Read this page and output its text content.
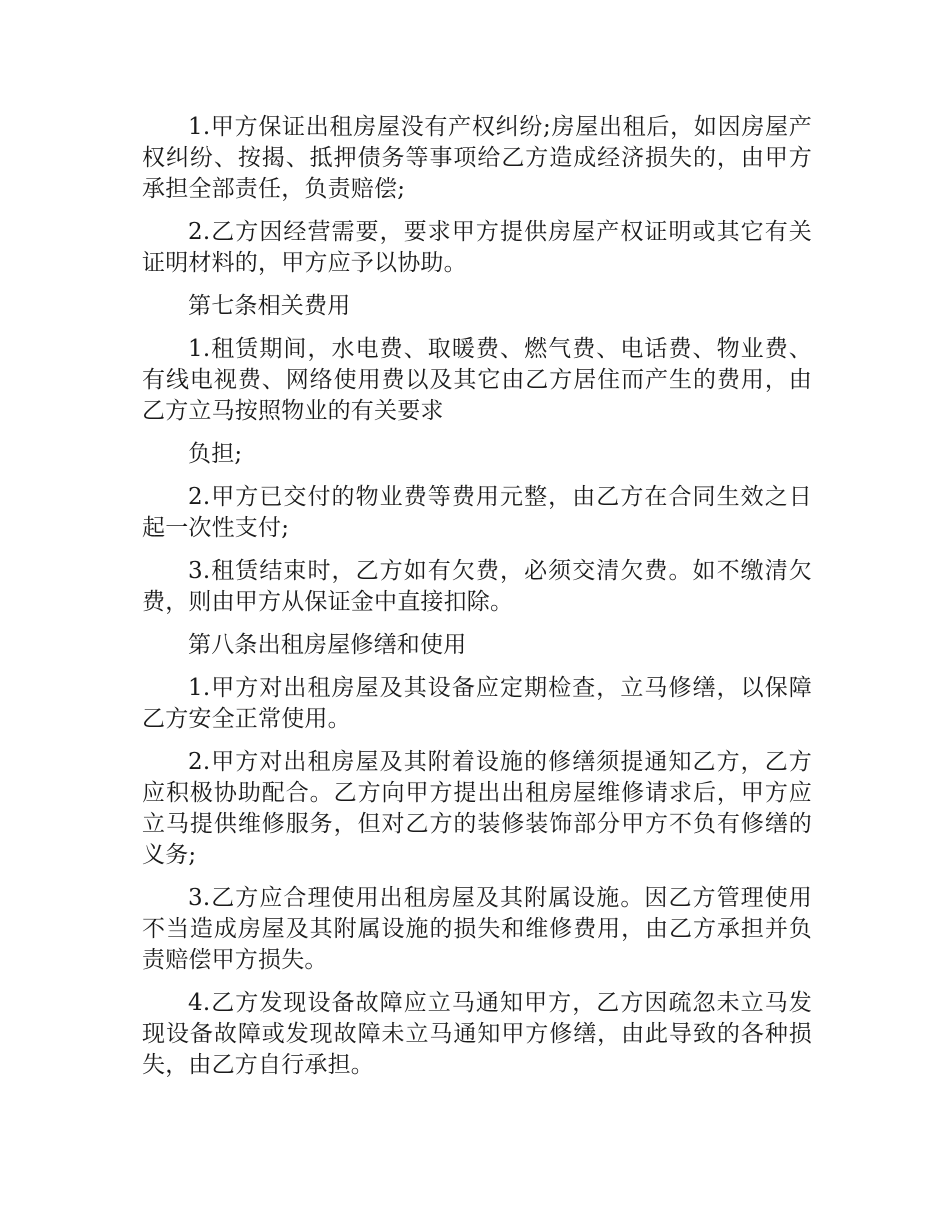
1.甲方保证出租房屋没有产权纠纷;房屋出租后，如因房屋产权纠纷、按揭、抵押债务等事项给乙方造成经济损失的，由甲方承担全部责任，负责赔偿;

2.乙方因经营需要，要求甲方提供房屋产权证明或其它有关证明材料的，甲方应予以协助。

第七条相关费用

1.租赁期间，水电费、取暖费、燃气费、电话费、物业费、有线电视费、网络使用费以及其它由乙方居住而产生的费用，由乙方立马按照物业的有关要求

负担;

2.甲方已交付的物业费等费用元整，由乙方在合同生效之日起一次性支付;

3.租赁结束时，乙方如有欠费，必须交清欠费。如不缴清欠费，则由甲方从保证金中直接扣除。

第八条出租房屋修缮和使用

1.甲方对出租房屋及其设备应定期检查，立马修缮，以保障乙方安全正常使用。

2.甲方对出租房屋及其附着设施的修缮须提通知乙方，乙方应积极协助配合。乙方向甲方提出出租房屋维修请求后，甲方应立马提供维修服务，但对乙方的装修装饰部分甲方不负有修缮的义务;

3.乙方应合理使用出租房屋及其附属设施。因乙方管理使用不当造成房屋及其附属设施的损失和维修费用，由乙方承担并负责赔偿甲方损失。

4.乙方发现设备故障应立马通知甲方，乙方因疏忽未立马发现设备故障或发现故障未立马通知甲方修缮，由此导致的各种损失，由乙方自行承担。
